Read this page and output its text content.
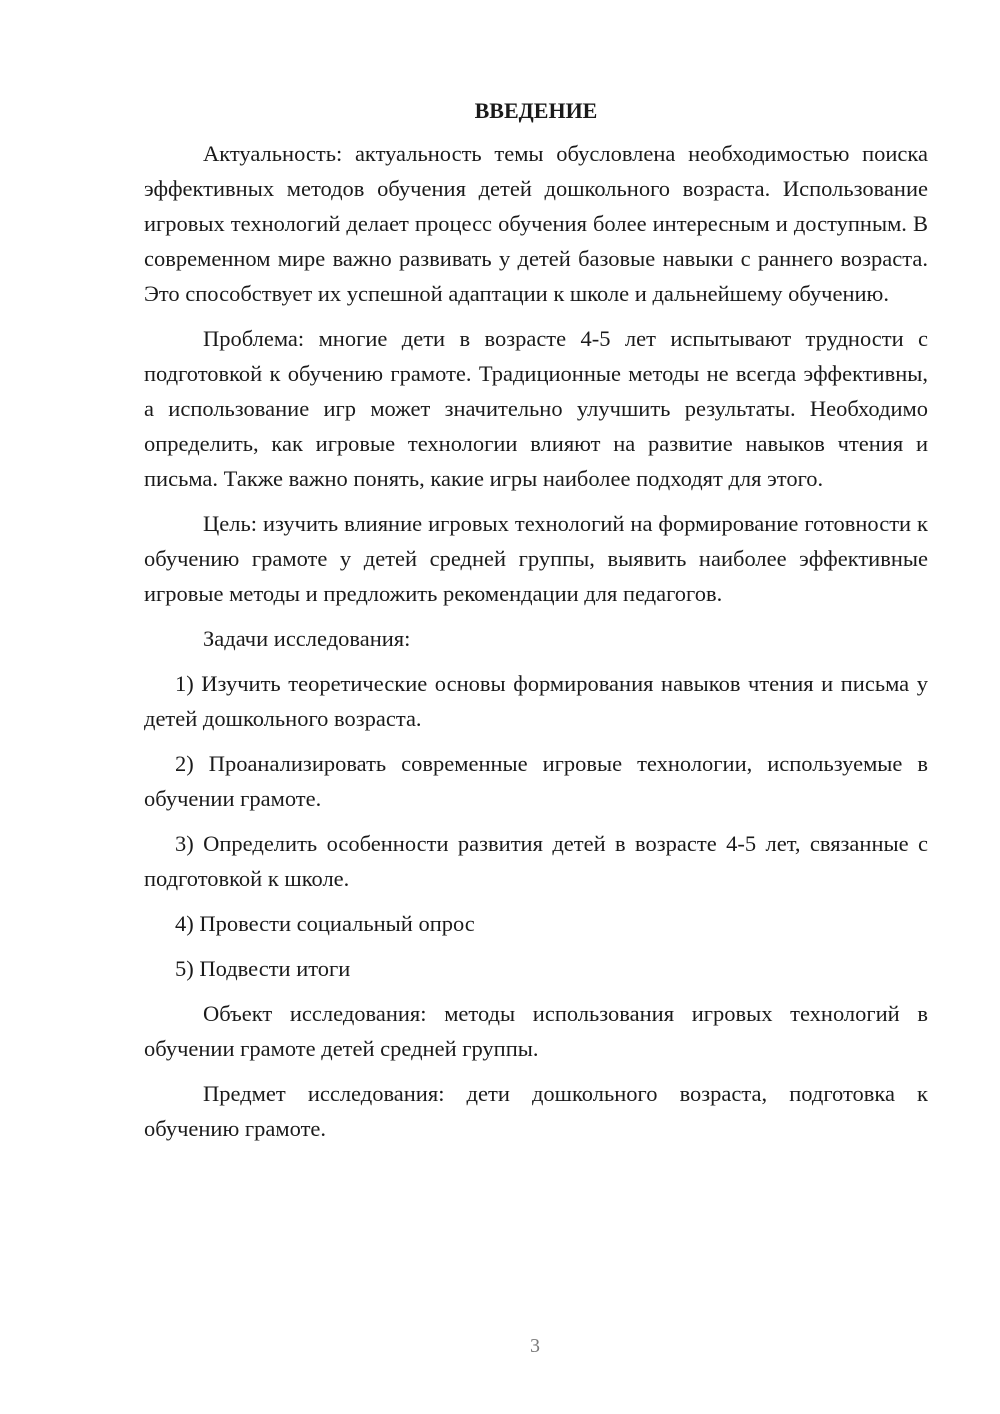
ВВЕДЕНИЕ

Актуальность: актуальность темы обусловлена необходимостью поиска эффективных методов обучения детей дошкольного возраста. Использование игровых технологий делает процесс обучения более интересным и доступным. В современном мире важно развивать у детей базовые навыки с раннего возраста. Это способствует их успешной адаптации к школе и дальнейшему обучению.

Проблема: многие дети в возрасте 4-5 лет испытывают трудности с подготовкой к обучению грамоте. Традиционные методы не всегда эффективны, а использование игр может значительно улучшить результаты. Необходимо определить, как игровые технологии влияют на развитие навыков чтения и письма. Также важно понять, какие игры наиболее подходят для этого.

Цель: изучить влияние игровых технологий на формирование готовности к обучению грамоте у детей средней группы, выявить наиболее эффективные игровые методы и предложить рекомендации для педагогов.

Задачи исследования:

1) Изучить теоретические основы формирования навыков чтения и письма у детей дошкольного возраста.

2) Проанализировать современные игровые технологии, используемые в обучении грамоте.

3) Определить особенности развития детей в возрасте 4-5 лет, связанные с подготовкой к школе.

4) Провести социальный опрос

5) Подвести итоги

Объект исследования: методы использования игровых технологий в обучении грамоте детей средней группы.

Предмет исследования: дети дошкольного возраста, подготовка к обучению грамоте.

3
